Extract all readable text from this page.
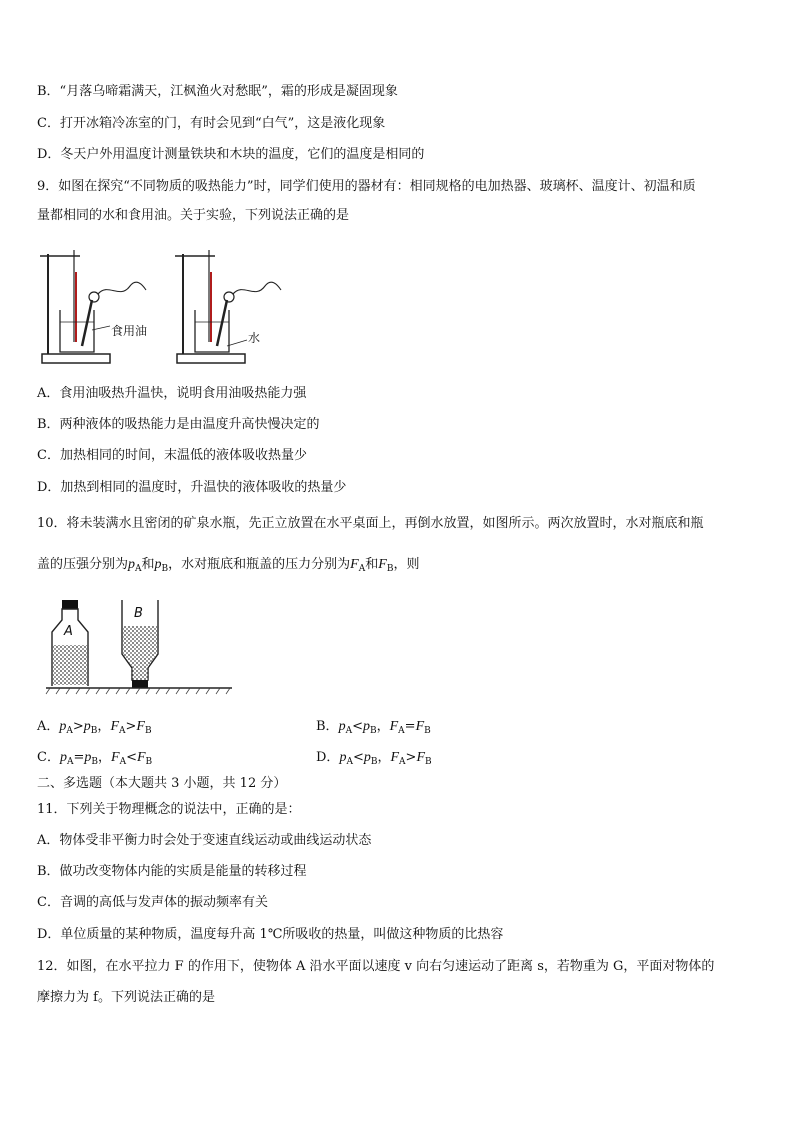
B．“月落乌啼霜满天，江枫渔火对愁眠”，霜的形成是凝固现象
C．打开冰箱冷冻室的门，有时会见到“白气”，这是液化现象
D．冬天户外用温度计测量铁块和木块的温度，它们的温度是相同的
9．如图在探究“不同物质的吸热能力”时，同学们使用的器材有：相同规格的电加热器、玻璃杯、温度计、初温和质
量都相同的水和食用油。关于实验，下列说法正确的是
食用油	水
A．食用油吸热升温快，说明食用油吸热能力强
B．两种液体的吸热能力是由温度升高快慢决定的
C．加热相同的时间，末温低的液体吸收热量少
D．加热到相同的温度时，升温快的液体吸收的热量少
10．将未装满水且密闭的矿泉水瓶，先正立放置在水平桌面上，再倒水放置，如图所示。两次放置时，水对瓶底和瓶
盖的压强分别为$p_A$和$p_B$，水对瓶底和瓶盖的压力分别为$F_A$和$F_B$，则
A
B
A．$p_A>p_B$，$F_A>F_B$	B．$p_A<p_B$，$F_A=F_B$
C．$p_A=p_B$，$F_A<F_B$	D．$p_A<p_B$，$F_A>F_B$
二、多选题（本大题共 3 小题，共 12 分）
11．下列关于物理概念的说法中，正确的是：
A．物体受非平衡力时会处于变速直线运动或曲线运动状态
B．做功改变物体内能的实质是能量的转移过程
C．音调的高低与发声体的振动频率有关
D．单位质量的某种物质，温度每升高 1℃所吸收的热量，叫做这种物质的比热容
12．如图，在水平拉力 F 的作用下，使物体 A 沿水平面以速度 v 向右匀速运动了距离 s，若物重为 G，平面对物体的
摩擦力为 f。下列说法正确的是
